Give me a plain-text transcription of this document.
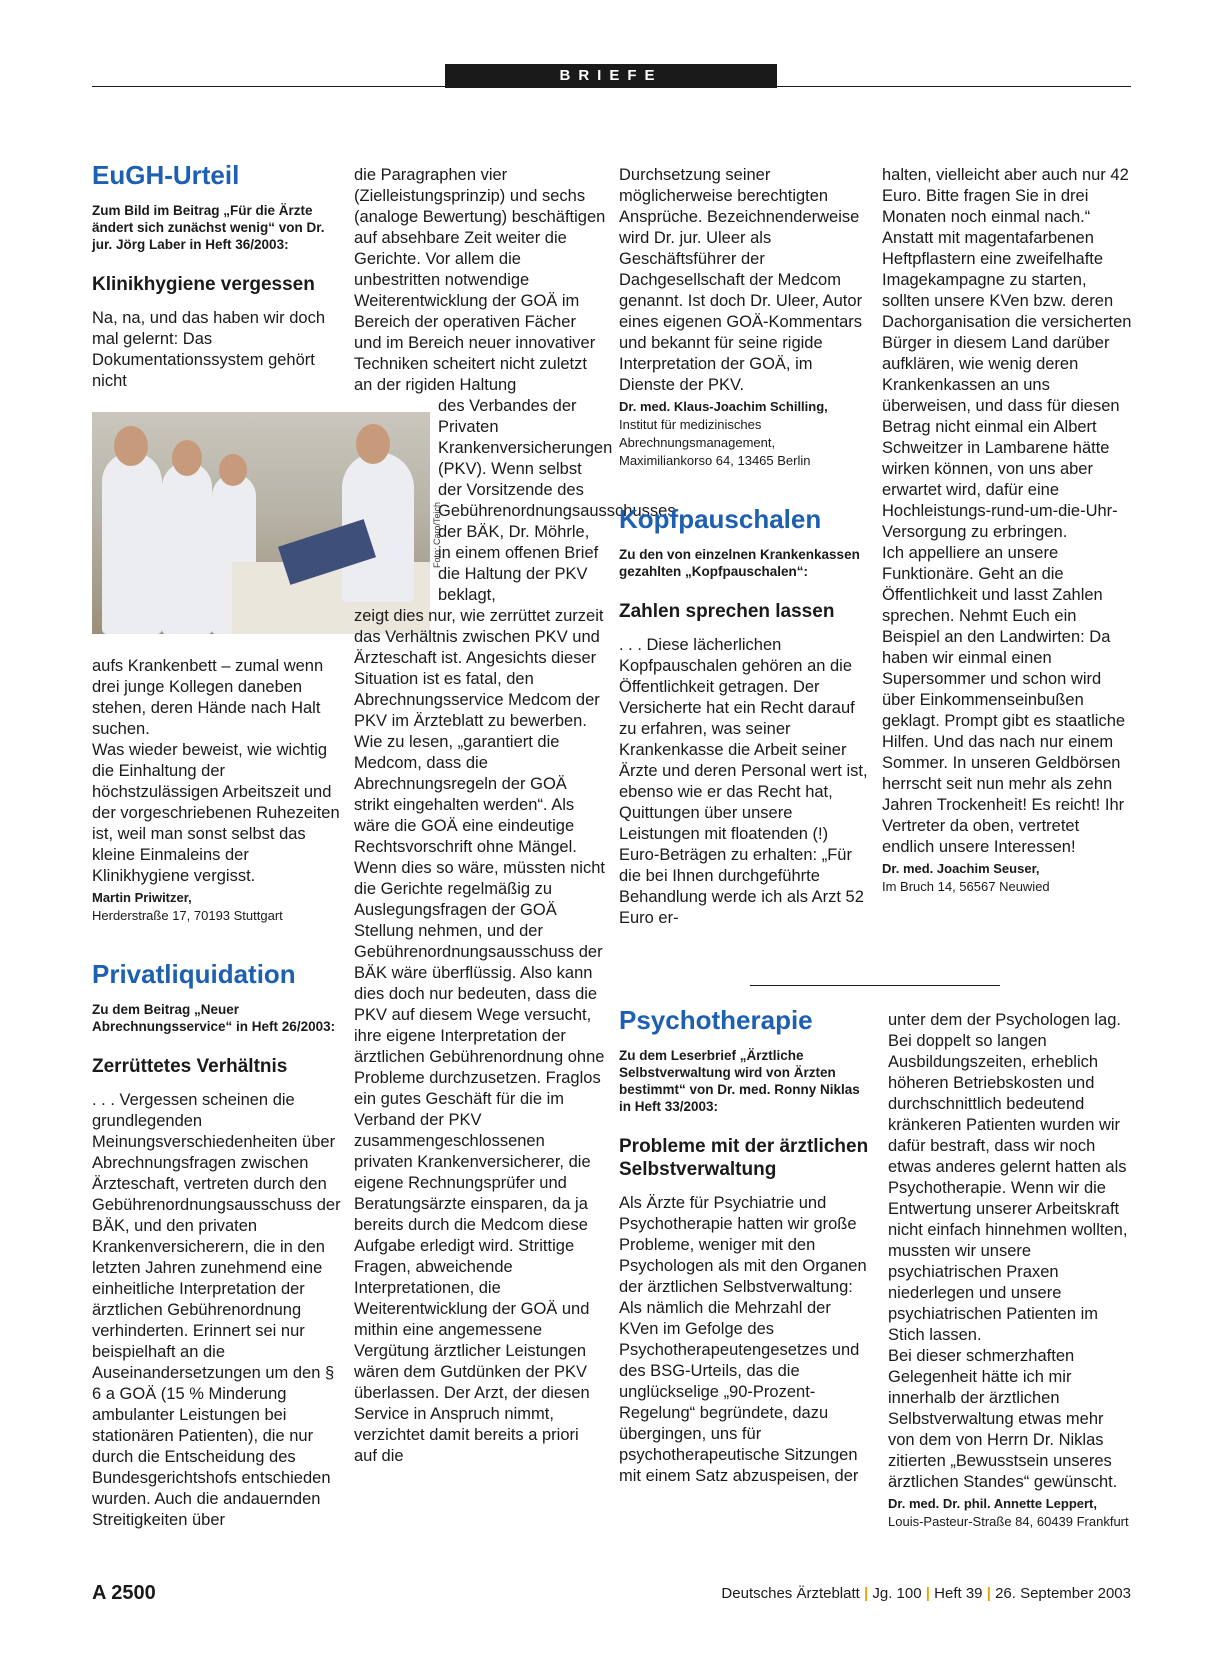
BRIEFE
EuGH-Urteil

Zum Bild im Beitrag „Für die Ärzte ändert sich zunächst wenig“ von Dr. jur. Jörg Laber in Heft 36/2003:

Klinikhygiene vergessen

Na, na, und das haben wir doch mal gelernt: Das Dokumentationssystem gehört nicht

aufs Krankenbett – zumal wenn drei junge Kollegen daneben stehen, deren Hände nach Halt suchen.

Was wieder beweist, wie wichtig die Einhaltung der höchstzulässigen Arbeitszeit und der vorgeschriebenen Ruhezeiten ist, weil man sonst selbst das kleine Einmaleins der Klinikhygiene vergisst.

Martin Priwitzer,
Herderstraße 17, 70193 Stuttgart
Privatliquidation

Zu dem Beitrag „Neuer Abrechnungsservice“ in Heft 26/2003:

Zerrüttetes Verhältnis

. . . Vergessen scheinen die grundlegenden Meinungsverschiedenheiten über Abrechnungsfragen zwischen Ärzteschaft, vertreten durch den Gebührenordnungsausschuss der BÄK, und den privaten Krankenversicherern, die in den letzten Jahren zunehmend eine einheitliche Interpretation der ärztlichen Gebührenordnung verhinderten. Erinnert sei nur beispielhaft an die Auseinandersetzungen um den § 6 a GOÄ (15 % Minderung ambulanter Leistungen bei stationären Patienten), die nur durch die Entscheidung des Bundesgerichtshofs entschieden wurden. Auch die andauernden Streitigkeiten über

Foto: Caro/Teich

die Paragraphen vier (Zielleistungsprinzip) und sechs (analoge Bewertung) beschäftigen auf absehbare Zeit weiter die Gerichte. Vor allem die unbestritten notwendige Weiterentwicklung der GOÄ im Bereich der operativen Fächer und im Bereich neuer innovativer Techniken scheitert nicht zuletzt an der rigiden Haltung

des Verbandes der Privaten Krankenversicherungen (PKV). Wenn selbst der Vorsitzende des Gebührenordnungsausschusses der BÄK, Dr. Möhrle, in einem offenen Brief die Haltung der PKV beklagt,

zeigt dies nur, wie zerrüttet zurzeit das Verhältnis zwischen PKV und Ärzteschaft ist. Angesichts dieser Situation ist es fatal, den Abrechnungsservice Medcom der PKV im Ärzteblatt zu bewerben. Wie zu lesen, „garantiert die Medcom, dass die Abrechnungsregeln der GOÄ strikt eingehalten werden“. Als wäre die GOÄ eine eindeutige Rechtsvorschrift ohne Mängel. Wenn dies so wäre, müssten nicht die Gerichte regelmäßig zu Auslegungsfragen der GOÄ Stellung nehmen, und der Gebührenordnungsausschuss der BÄK wäre überflüssig. Also kann dies doch nur bedeuten, dass die PKV auf diesem Wege versucht, ihre eigene Interpretation der ärztlichen Gebührenordnung ohne Probleme durchzusetzen. Fraglos ein gutes Geschäft für die im Verband der PKV zusammengeschlossenen privaten Krankenversicherer, die eigene Rechnungsprüfer und Beratungsärzte einsparen, da ja bereits durch die Medcom diese Aufgabe erledigt wird. Strittige Fragen, abweichende Interpretationen, die Weiterentwicklung der GOÄ und mithin eine angemessene Vergütung ärztlicher Leistungen wären dem Gutdünken der PKV überlassen. Der Arzt, der diesen Service in Anspruch nimmt, verzichtet damit bereits a priori auf die

Durchsetzung seiner möglicherweise berechtigten Ansprüche. Bezeichnenderweise wird Dr. jur. Uleer als Geschäftsführer der Dachgesellschaft der Medcom genannt. Ist doch Dr. Uleer, Autor eines eigenen GOÄ-Kommentars und bekannt für seine rigide Interpretation der GOÄ, im Dienste der PKV.

Dr. med. Klaus-Joachim Schilling,
Institut für medizinisches Abrechnungsmanagement,
Maximiliankorso 64, 13465 Berlin
Kopfpauschalen

Zu den von einzelnen Krankenkassen gezahlten „Kopfpauschalen“:

Zahlen sprechen lassen

. . . Diese lächerlichen Kopfpauschalen gehören an die Öffentlichkeit getragen. Der Versicherte hat ein Recht darauf zu erfahren, was seiner Krankenkasse die Arbeit seiner Ärzte und deren Personal wert ist, ebenso wie er das Recht hat, Quittungen über unsere Leistungen mit floatenden (!) Euro-Beträgen zu erhalten: „Für die bei Ihnen durchgeführte Behandlung werde ich als Arzt 52 Euro er-

halten, vielleicht aber auch nur 42 Euro. Bitte fragen Sie in drei Monaten noch einmal nach.“

Anstatt mit magentafarbenen Heftpflastern eine zweifelhafte Imagekampagne zu starten, sollten unsere KVen bzw. deren Dachorganisation die versicherten Bürger in diesem Land darüber aufklären, wie wenig deren Krankenkassen an uns überweisen, und dass für diesen Betrag nicht einmal ein Albert Schweitzer in Lambarene hätte wirken können, von uns aber erwartet wird, dafür eine Hochleistungs-rund-um-die-Uhr-Versorgung zu erbringen.

Ich appelliere an unsere Funktionäre. Geht an die Öffentlichkeit und lasst Zahlen sprechen. Nehmt Euch ein Beispiel an den Landwirten: Da haben wir einmal einen Supersommer und schon wird über Einkommenseinbußen geklagt. Prompt gibt es staatliche Hilfen. Und das nach nur einem Sommer. In unseren Geldbörsen herrscht seit nun mehr als zehn Jahren Trockenheit! Es reicht! Ihr Vertreter da oben, vertretet endlich unsere Interessen!

Dr. med. Joachim Seuser,
Im Bruch 14, 56567 Neuwied
Psychotherapie

Zu dem Leserbrief „Ärztliche Selbstverwaltung wird von Ärzten bestimmt“ von Dr. med. Ronny Niklas in Heft 33/2003:

Probleme mit der ärztlichen Selbstverwaltung

Als Ärzte für Psychiatrie und Psychotherapie hatten wir große Probleme, weniger mit den Psychologen als mit den Organen der ärztlichen Selbstverwaltung: Als nämlich die Mehrzahl der KVen im Gefolge des Psychotherapeutengesetzes und des BSG-Urteils, das die unglückselige „90-Prozent-Regelung“ begründete, dazu übergingen, uns für psychotherapeutische Sitzungen mit einem Satz abzuspeisen, der

unter dem der Psychologen lag. Bei doppelt so langen Ausbildungszeiten, erheblich höheren Betriebskosten und durchschnittlich bedeutend kränkeren Patienten wurden wir dafür bestraft, dass wir noch etwas anderes gelernt hatten als Psychotherapie. Wenn wir die Entwertung unserer Arbeitskraft nicht einfach hinnehmen wollten, mussten wir unsere psychiatrischen Praxen niederlegen und unsere psychiatrischen Patienten im Stich lassen.

Bei dieser schmerzhaften Gelegenheit hätte ich mir innerhalb der ärztlichen Selbstverwaltung etwas mehr von dem von Herrn Dr. Niklas zitierten „Bewusstsein unseres ärztlichen Standes“ gewünscht.

Dr. med. Dr. phil. Annette Leppert,
Louis-Pasteur-Straße 84, 60439 Frankfurt
A 2500	Deutsches Ärzteblatt | Jg. 100 | Heft 39 | 26. September 2003
